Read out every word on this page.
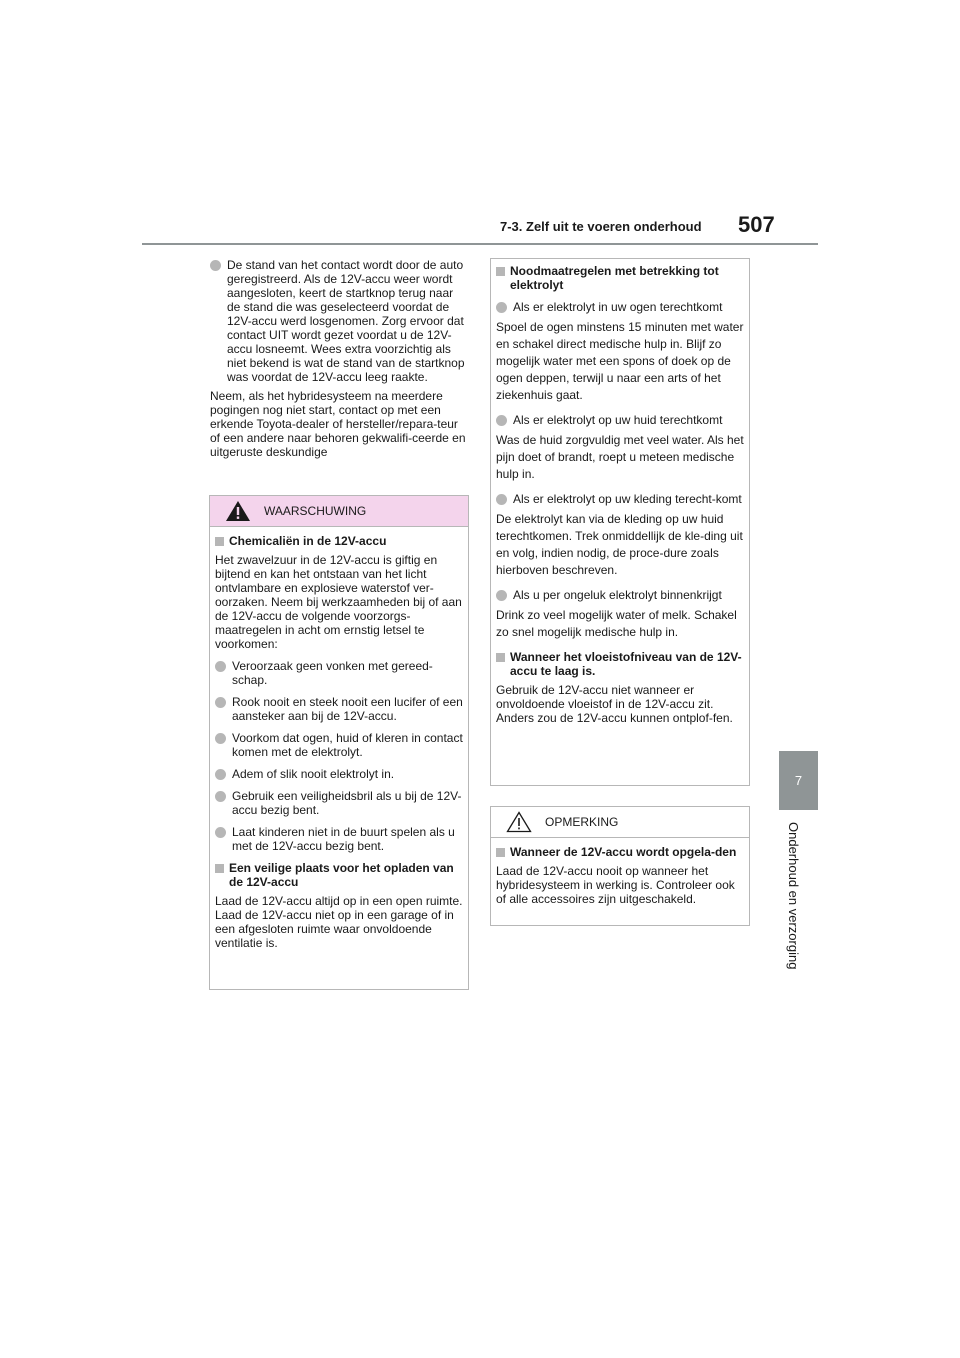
7-3. Zelf uit te voeren onderhoud 507
7
Onderhoud en verzorging
De stand van het contact wordt door de auto geregistreerd. Als de 12V-accu weer wordt aangesloten, keert de startknop terug naar de stand die was geselecteerd voordat de 12V-accu werd losgenomen. Zorg ervoor dat contact UIT wordt gezet voordat u de 12V-accu losneemt. Wees extra voorzichtig als niet bekend is wat de stand van de startknop was voordat de 12V-accu leeg raakte.

Neem, als het hybridesysteem na meerdere pogingen nog niet start, contact op met een erkende Toyota-dealer of hersteller/repara-teur of een andere naar behoren gekwalifi-ceerde en uitgeruste deskundige

WAARSCHUWING
Chemicaliën in de 12V-accu

Het zwavelzuur in de 12V-accu is giftig en bijtend en kan het ontstaan van het licht ontvlambare en explosieve waterstof ver-oorzaken. Neem bij werkzaamheden bij of aan de 12V-accu de volgende voorzorgs-maatregelen in acht om ernstig letsel te voorkomen:

Veroorzaak geen vonken met gereed-schap.
Rook nooit en steek nooit een lucifer of een aansteker aan bij de 12V-accu.
Voorkom dat ogen, huid of kleren in contact komen met de elektrolyt.
Adem of slik nooit elektrolyt in.
Gebruik een veiligheidsbril als u bij de 12V-accu bezig bent.
Laat kinderen niet in de buurt spelen als u met de 12V-accu bezig bent.
Een veilige plaats voor het opladen van de 12V-accu

Laad de 12V-accu altijd op in een open ruimte. Laad de 12V-accu niet op in een garage of in een afgesloten ruimte waar onvoldoende ventilatie is.

Noodmaatregelen met betrekking tot elektrolyt
Als er elektrolyt in uw ogen terechtkomt

Spoel de ogen minstens 15 minuten met water en schakel direct medische hulp in. Blijf zo mogelijk water met een spons of doek op de ogen deppen, terwijl u naar een arts of het ziekenhuis gaat.

Als er elektrolyt op uw huid terechtkomt

Was de huid zorgvuldig met veel water. Als het pijn doet of brandt, roept u meteen medische hulp in.

Als er elektrolyt op uw kleding terecht-komt

De elektrolyt kan via de kleding op uw huid terechtkomen. Trek onmiddellijk de kle-ding uit en volg, indien nodig, de proce-dure zoals hierboven beschreven.

Als u per ongeluk elektrolyt binnenkrijgt

Drink zo veel mogelijk water of melk. Schakel zo snel mogelijk medische hulp in.

Wanneer het vloeistofniveau van de 12V-accu te laag is.

Gebruik de 12V-accu niet wanneer er onvoldoende vloeistof in de 12V-accu zit. Anders zou de 12V-accu kunnen ontplof-fen.

OPMERKING
Wanneer de 12V-accu wordt opgela-den

Laad de 12V-accu nooit op wanneer het hybridesysteem in werking is. Controleer ook of alle accessoires zijn uitgeschakeld.
